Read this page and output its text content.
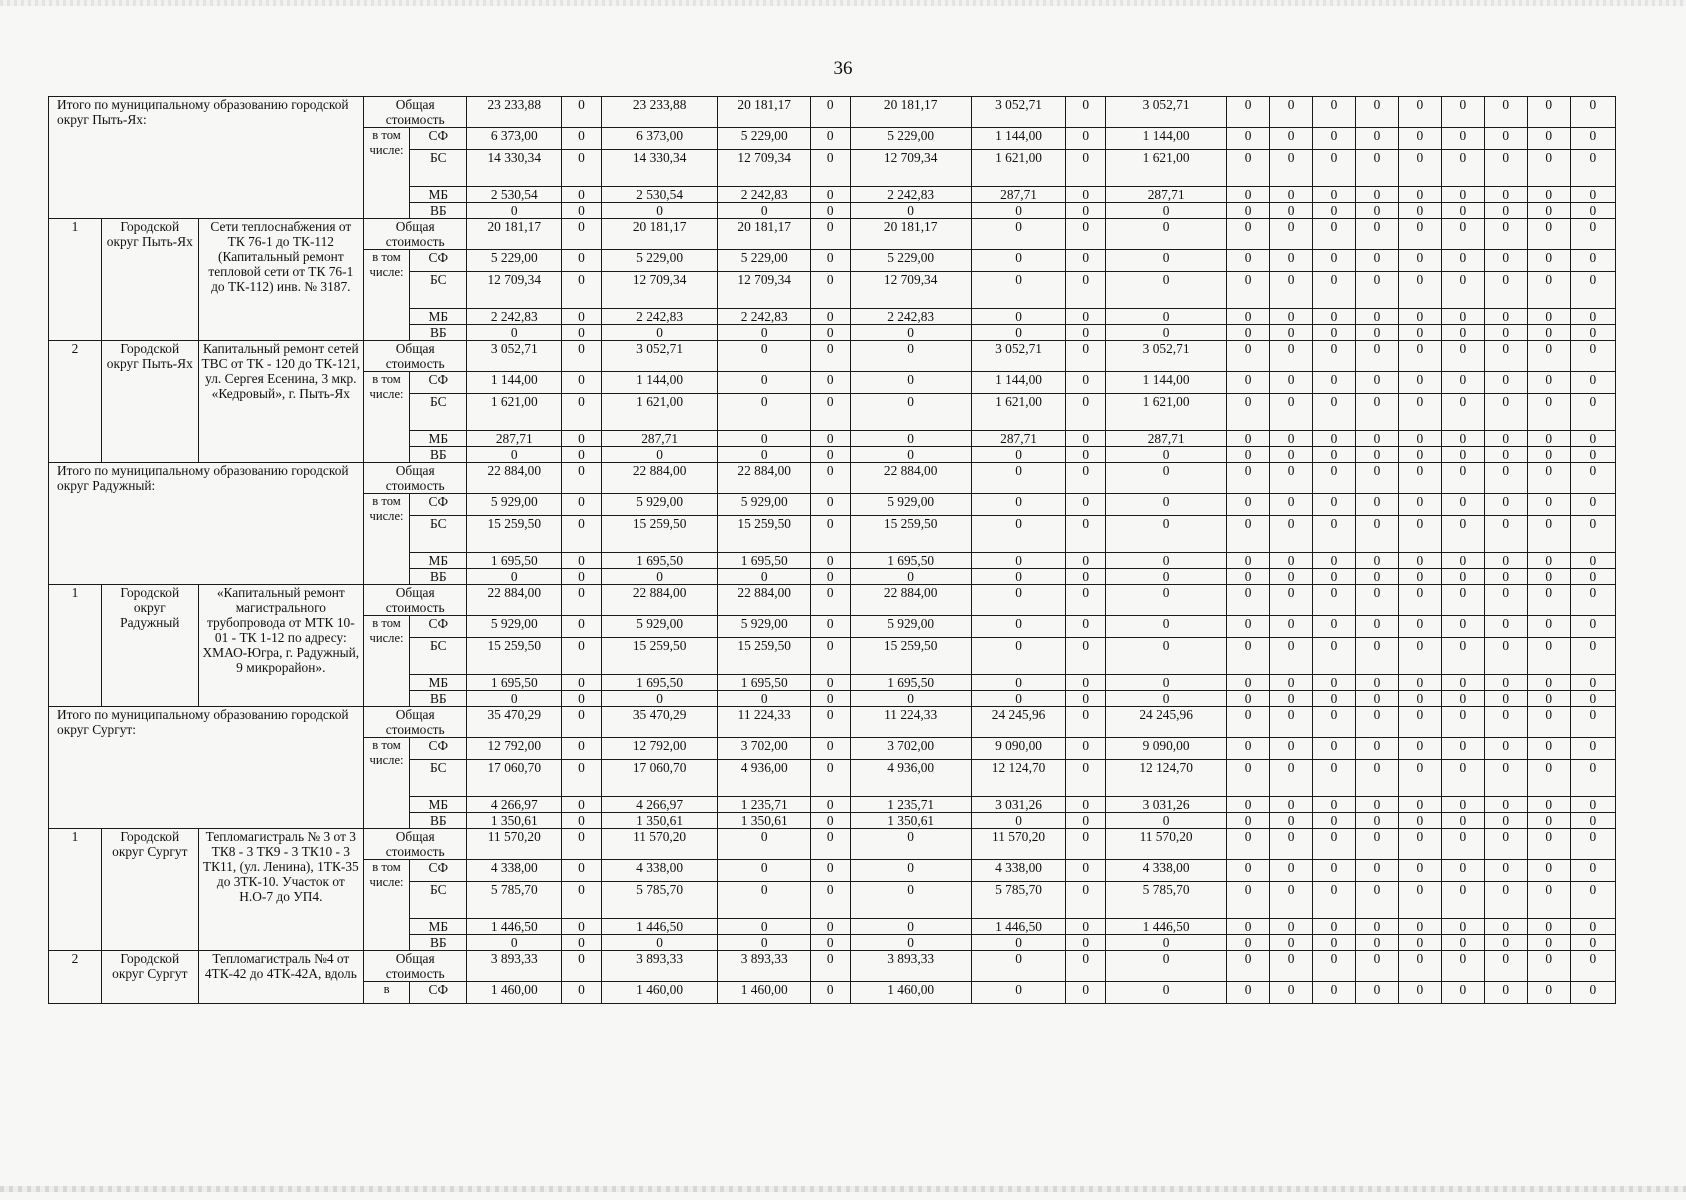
36
Итого по муниципальному образованию городской округ Пыть-Ях:			Общая стоимость		23 233,88	0	23 233,88	20 181,17	0	20 181,17	3 052,71	0	3 052,71	0	0	0	0	0	0	0	0	0
			в том числе:	СФ	6 373,00	0	6 373,00	5 229,00	0	5 229,00	1 144,00	0	1 144,00	0	0	0	0	0	0	0	0	0
				БС	14 330,34	0	14 330,34	12 709,34	0	12 709,34	1 621,00	0	1 621,00	0	0	0	0	0	0	0	0	0
				МБ	2 530,54	0	2 530,54	2 242,83	0	2 242,83	287,71	0	287,71	0	0	0	0	0	0	0	0	0
				ВБ	0	0	0	0	0	0	0	0	0	0	0	0	0	0	0	0	0	0
1	Городской округ Пыть-Ях	Сети теплоснабжения от ТК 76-1 до ТК-112 (Капитальный ремонт тепловой сети от ТК 76-1 до ТК-112) инв. № 3187.	Общая стоимость		20 181,17	0	20 181,17	20 181,17	0	20 181,17	0	0	0	0	0	0	0	0	0	0	0	0
			в том числе:	СФ	5 229,00	0	5 229,00	5 229,00	0	5 229,00	0	0	0	0	0	0	0	0	0	0	0	0
				БС	12 709,34	0	12 709,34	12 709,34	0	12 709,34	0	0	0	0	0	0	0	0	0	0	0	0
				МБ	2 242,83	0	2 242,83	2 242,83	0	2 242,83	0	0	0	0	0	0	0	0	0	0	0	0
				ВБ	0	0	0	0	0	0	0	0	0	0	0	0	0	0	0	0	0	0
2	Городской округ Пыть-Ях	Капитальный ремонт сетей ТВС от ТК - 120 до ТК-121, ул. Сергея Есенина, 3 мкр. «Кедровый», г. Пыть-Ях	Общая стоимость		3 052,71	0	3 052,71	0	0	0	3 052,71	0	3 052,71	0	0	0	0	0	0	0	0	0
			в том числе:	СФ	1 144,00	0	1 144,00	0	0	0	1 144,00	0	1 144,00	0	0	0	0	0	0	0	0	0
				БС	1 621,00	0	1 621,00	0	0	0	1 621,00	0	1 621,00	0	0	0	0	0	0	0	0	0
				МБ	287,71	0	287,71	0	0	0	287,71	0	287,71	0	0	0	0	0	0	0	0	0
				ВБ	0	0	0	0	0	0	0	0	0	0	0	0	0	0	0	0	0	0
Итого по муниципальному образованию городской округ Радужный:			Общая стоимость		22 884,00	0	22 884,00	22 884,00	0	22 884,00	0	0	0	0	0	0	0	0	0	0	0	0
			в том числе:	СФ	5 929,00	0	5 929,00	5 929,00	0	5 929,00	0	0	0	0	0	0	0	0	0	0	0	0
				БС	15 259,50	0	15 259,50	15 259,50	0	15 259,50	0	0	0	0	0	0	0	0	0	0	0	0
				МБ	1 695,50	0	1 695,50	1 695,50	0	1 695,50	0	0	0	0	0	0	0	0	0	0	0	0
				ВБ	0	0	0	0	0	0	0	0	0	0	0	0	0	0	0	0	0	0
1	Городской округ Радужный	«Капитальный ремонт магистрального трубопровода от МТК 10-01 - ТК 1-12 по адресу: ХМАО-Югра, г. Радужный, 9 микрорайон».	Общая стоимость		22 884,00	0	22 884,00	22 884,00	0	22 884,00	0	0	0	0	0	0	0	0	0	0	0	0
			в том числе:	СФ	5 929,00	0	5 929,00	5 929,00	0	5 929,00	0	0	0	0	0	0	0	0	0	0	0	0
				БС	15 259,50	0	15 259,50	15 259,50	0	15 259,50	0	0	0	0	0	0	0	0	0	0	0	0
				МБ	1 695,50	0	1 695,50	1 695,50	0	1 695,50	0	0	0	0	0	0	0	0	0	0	0	0
				ВБ	0	0	0	0	0	0	0	0	0	0	0	0	0	0	0	0	0	0
Итого по муниципальному образованию городской округ Сургут:			Общая стоимость		35 470,29	0	35 470,29	11 224,33	0	11 224,33	24 245,96	0	24 245,96	0	0	0	0	0	0	0	0	0
			в том числе:	СФ	12 792,00	0	12 792,00	3 702,00	0	3 702,00	9 090,00	0	9 090,00	0	0	0	0	0	0	0	0	0
				БС	17 060,70	0	17 060,70	4 936,00	0	4 936,00	12 124,70	0	12 124,70	0	0	0	0	0	0	0	0	0
				МБ	4 266,97	0	4 266,97	1 235,71	0	1 235,71	3 031,26	0	3 031,26	0	0	0	0	0	0	0	0	0
				ВБ	1 350,61	0	1 350,61	1 350,61	0	1 350,61	0	0	0	0	0	0	0	0	0	0	0	0
1	Городской округ Сургут	Тепломагистраль № 3 от 3 ТК8 - 3 ТК9 - 3 ТК10 - 3 ТК11, (ул. Ленина), 1ТК-35 до 3ТК-10. Участок от Н.О-7 до УП4.	Общая стоимость		11 570,20	0	11 570,20	0	0	0	11 570,20	0	11 570,20	0	0	0	0	0	0	0	0	0
			в том числе:	СФ	4 338,00	0	4 338,00	0	0	0	4 338,00	0	4 338,00	0	0	0	0	0	0	0	0	0
				БС	5 785,70	0	5 785,70	0	0	0	5 785,70	0	5 785,70	0	0	0	0	0	0	0	0	0
				МБ	1 446,50	0	1 446,50	0	0	0	1 446,50	0	1 446,50	0	0	0	0	0	0	0	0	0
				ВБ	0	0	0	0	0	0	0	0	0	0	0	0	0	0	0	0	0	0
2	Городской округ Сургут	Тепломагистраль №4 от 4ТК-42 до 4ТК-42А, вдоль	Общая стоимость		3 893,33	0	3 893,33	3 893,33	0	3 893,33	0	0	0	0	0	0	0	0	0	0	0	0
			в	СФ	1 460,00	0	1 460,00	1 460,00	0	1 460,00	0	0	0	0	0	0	0	0	0	0	0	0
